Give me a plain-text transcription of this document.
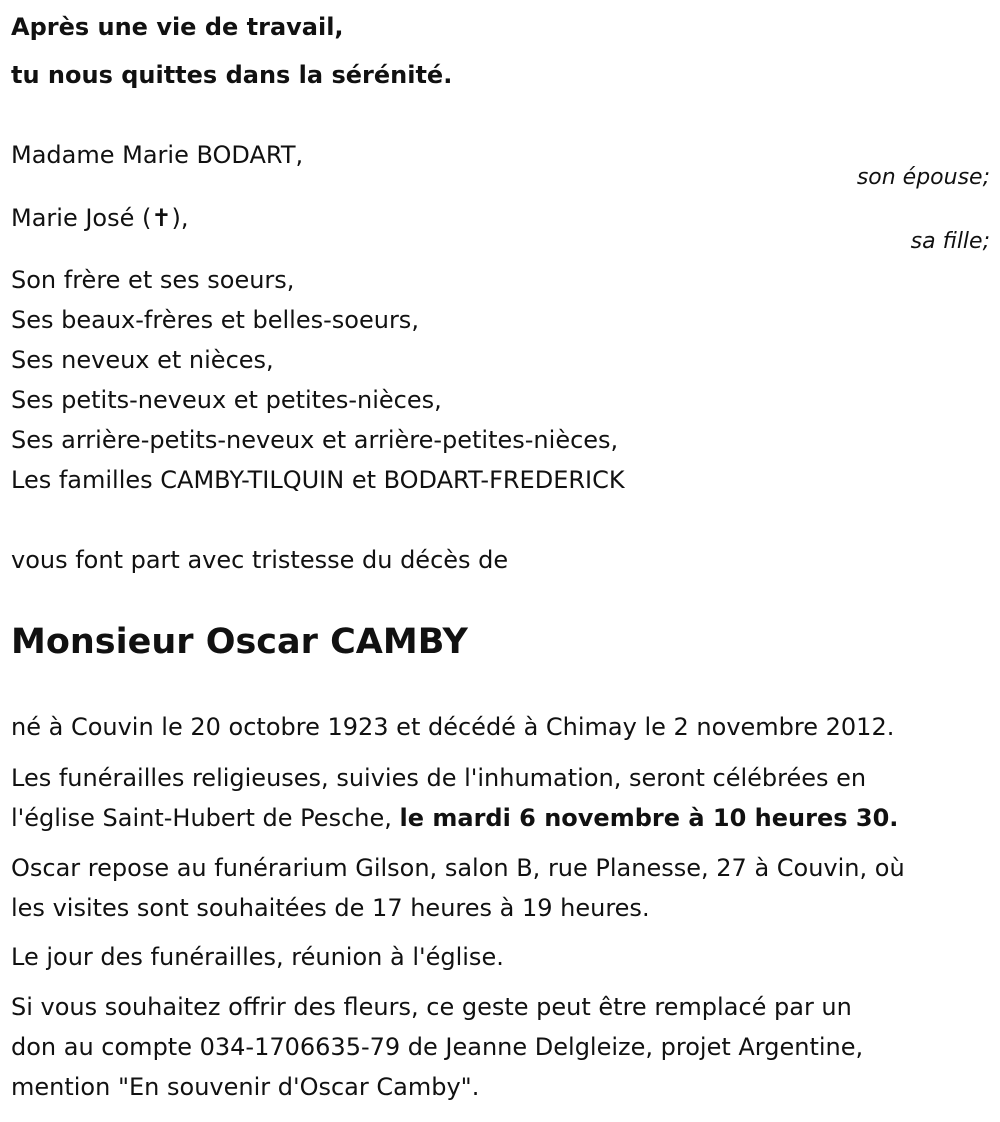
Après une vie de travail,
tu nous quittes dans la sérénité.
Madame Marie BODART,
son épouse;
Marie José (✝),
sa fille;
Son frère et ses soeurs,
Ses beaux-frères et belles-soeurs,
Ses neveux et nièces,
Ses petits-neveux et petites-nièces,
Ses arrière-petits-neveux et arrière-petites-nièces,
Les familles CAMBY-TILQUIN et BODART-FREDERICK
vous font part avec tristesse du décès de
Monsieur Oscar CAMBY
né à Couvin le 20 octobre 1923 et décédé à Chimay le 2 novembre 2012.
Les funérailles religieuses, suivies de l'inhumation, seront célébrées en
l'église Saint-Hubert de Pesche, le mardi 6 novembre à 10 heures 30.
Oscar repose au funérarium Gilson, salon B, rue Planesse, 27 à Couvin, où
les visites sont souhaitées de 17 heures à 19 heures.
Le jour des funérailles, réunion à l'église.
Si vous souhaitez offrir des fleurs, ce geste peut être remplacé par un
don au compte 034-1706635-79 de Jeanne Delgleize, projet Argentine,
mention "En souvenir d'Oscar Camby".
